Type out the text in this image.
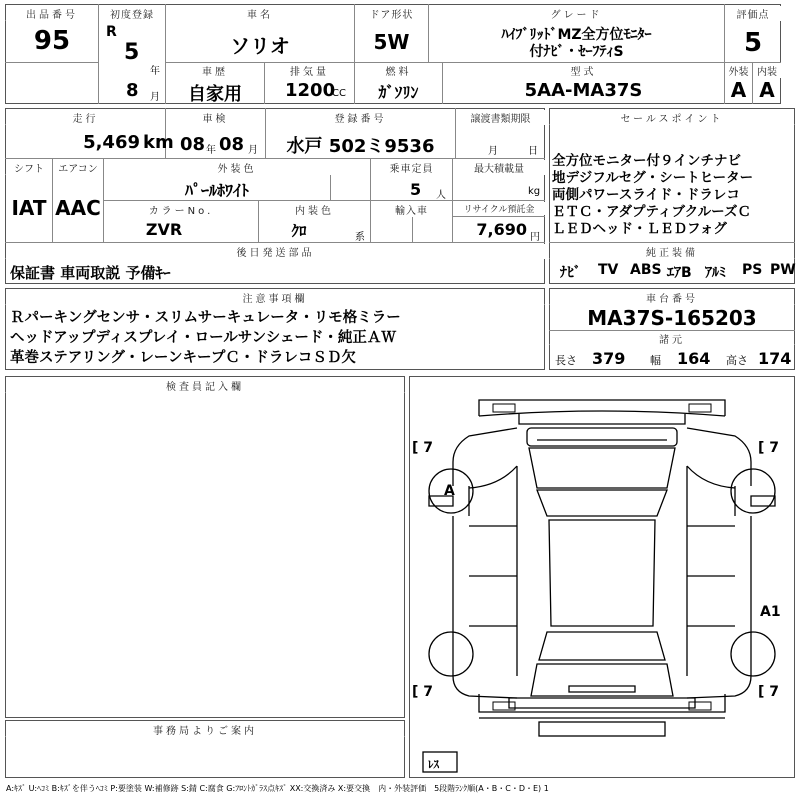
出品番号
95
初度登録
R
5
年
8 月
車名
ソリオ
ドア形状
5W
グレード
ﾊｲﾌﾞﾘｯﾄﾞMZ全方位ﾓﾆﾀｰ
付ﾅﾋﾞ・ｾｰﾌﾃｨS
評価点
5
車歴
自家用
排気量
1200
CC
燃料
ｶﾞｿﾘﾝ
型式
5AA-MA37S
外装
A
内装
A
走行
5,469 km
車検
08 年 08 月
登録番号
水戸 502ミ9536
譲渡書類期限
月	日
シフト
IAT
エアコン
AAC
外装色
ﾊﾟｰﾙﾎﾜｲﾄ
乗車定員
5 人
最大積載量
kg
カラーNo.
ZVR
内装色
ｸﾛ	系
輸入車	リサイクル預託金
7,690 円
後日発送部品
保証書 車両取説 予備ｷｰ
セールスポイント
全方位モニター付９インチナビ
地デジフルセグ・シートヒーター
両側パワースライド・ドラレコ
ＥＴＣ・アダプティブクルーズＣ
ＬＥＤヘッド・ＬＥＤフォグ
純正装備
ﾅﾋﾞ TV ABS ｴｱB ｱﾙﾐ PS PW
注意事項欄
Ｒパーキングセンサ・スリムサーキュレータ・リモ格ミラー
ヘッドアップディスプレイ・ロールサンシェード・純正ＡＷ
革巻ステアリング・レーンキープＣ・ドラレコＳＤ欠
車台番号
MA37S-165203
諸元
長さ 379 幅 164 高さ 174
検査員記入欄
事務局よりご案内
[ 7	[ 7
[ 7	[ 7
A
A1
ﾚｽ
A:ｷｽﾞ U:ﾍｺﾐ B:ｷｽﾞを伴うﾍｺﾐ P:要塗装 W:補修跡 S:錆 C:腐食 G:ﾌﾛﾝﾄｶﾞﾗｽ点ｷｽﾞ XX:交換済み X:要交換　内・外装評価　5段階ﾗﾝｸ順(A・B・C・D・E) 1
